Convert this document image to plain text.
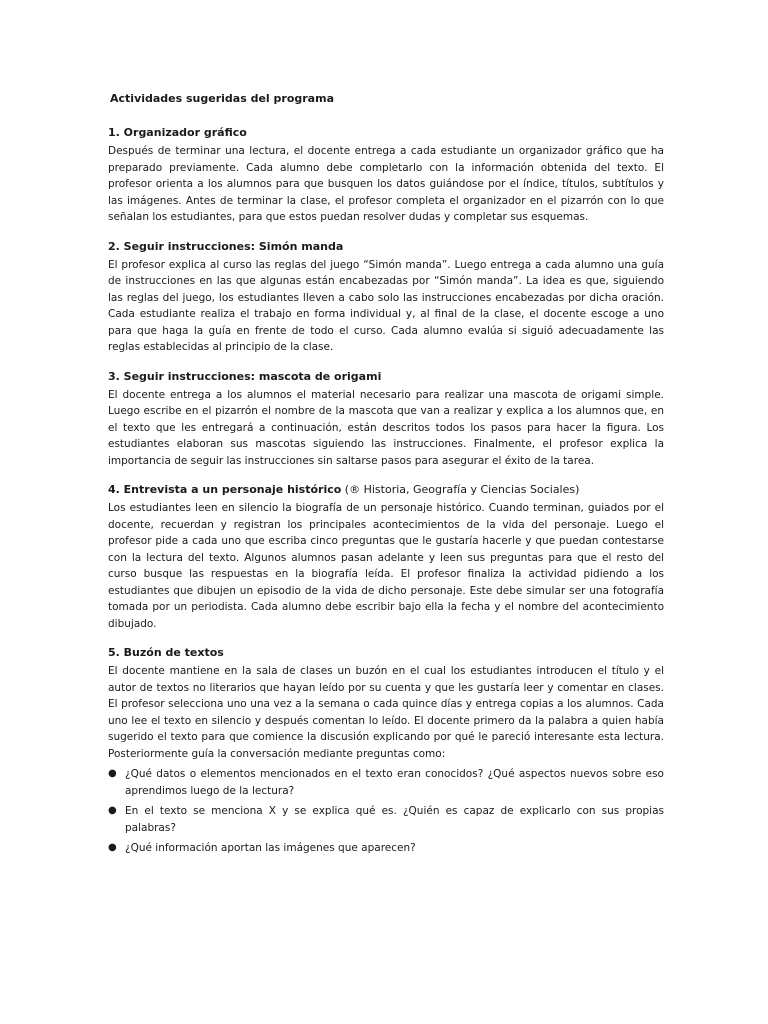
Actividades sugeridas del programa
1. Organizador gráfico

Después de terminar una lectura, el docente entrega a cada estudiante un organizador gráfico que ha preparado previamente. Cada alumno debe completarlo con la información obtenida del texto. El profesor orienta a los alumnos para que busquen los datos guiándose por el índice, títulos, subtítulos y las imágenes. Antes de terminar la clase, el profesor completa el organizador en el pizarrón con lo que señalan los estudiantes, para que estos puedan resolver dudas y completar sus esquemas.

2. Seguir instrucciones: Simón manda

El profesor explica al curso las reglas del juego “Simón manda”. Luego entrega a cada alumno una guía de instrucciones en las que algunas están encabezadas por “Simón manda”. La idea es que, siguiendo las reglas del juego, los estudiantes lleven a cabo solo las instrucciones encabezadas por dicha oración. Cada estudiante realiza el trabajo en forma individual y, al final de la clase, el docente escoge a uno para que haga la guía en frente de todo el curso. Cada alumno evalúa si siguió adecuadamente las reglas establecidas al principio de la clase.

3. Seguir instrucciones: mascota de origami

El docente entrega a los alumnos el material necesario para realizar una mascota de origami simple. Luego escribe en el pizarrón el nombre de la mascota que van a realizar y explica a los alumnos que, en el texto que les entregará a continuación, están descritos todos los pasos para hacer la figura. Los estudiantes elaboran sus mascotas siguiendo las instrucciones. Finalmente, el profesor explica la importancia de seguir las instrucciones sin saltarse pasos para asegurar el éxito de la tarea.

4. Entrevista a un personaje histórico (® Historia, Geografía y Ciencias Sociales)

Los estudiantes leen en silencio la biografía de un personaje histórico. Cuando terminan, guiados por el docente, recuerdan y registran los principales acontecimientos de la vida del personaje. Luego el profesor pide a cada uno que escriba cinco preguntas que le gustaría hacerle y que puedan contestarse con la lectura del texto. Algunos alumnos pasan adelante y leen sus preguntas para que el resto del curso busque las respuestas en la biografía leída. El profesor finaliza la actividad pidiendo a los estudiantes que dibujen un episodio de la vida de dicho personaje. Este debe simular ser una fotografía tomada por un periodista. Cada alumno debe escribir bajo ella la fecha y el nombre del acontecimiento dibujado.

5. Buzón de textos

El docente mantiene en la sala de clases un buzón en el cual los estudiantes introducen el título y el autor de textos no literarios que hayan leído por su cuenta y que les gustaría leer y comentar en clases. El profesor selecciona uno una vez a la semana o cada quince días y entrega copias a los alumnos. Cada uno lee el texto en silencio y después comentan lo leído. El docente primero da la palabra a quien había sugerido el texto para que comience la discusión explicando por qué le pareció interesante esta lectura. Posteriormente guía la conversación mediante preguntas como:

● ¿Qué datos o elementos mencionados en el texto eran conocidos? ¿Qué aspectos nuevos sobre eso aprendimos luego de la lectura?
● En el texto se menciona X y se explica qué es. ¿Quién es capaz de explicarlo con sus propias palabras?
● ¿Qué información aportan las imágenes que aparecen?
